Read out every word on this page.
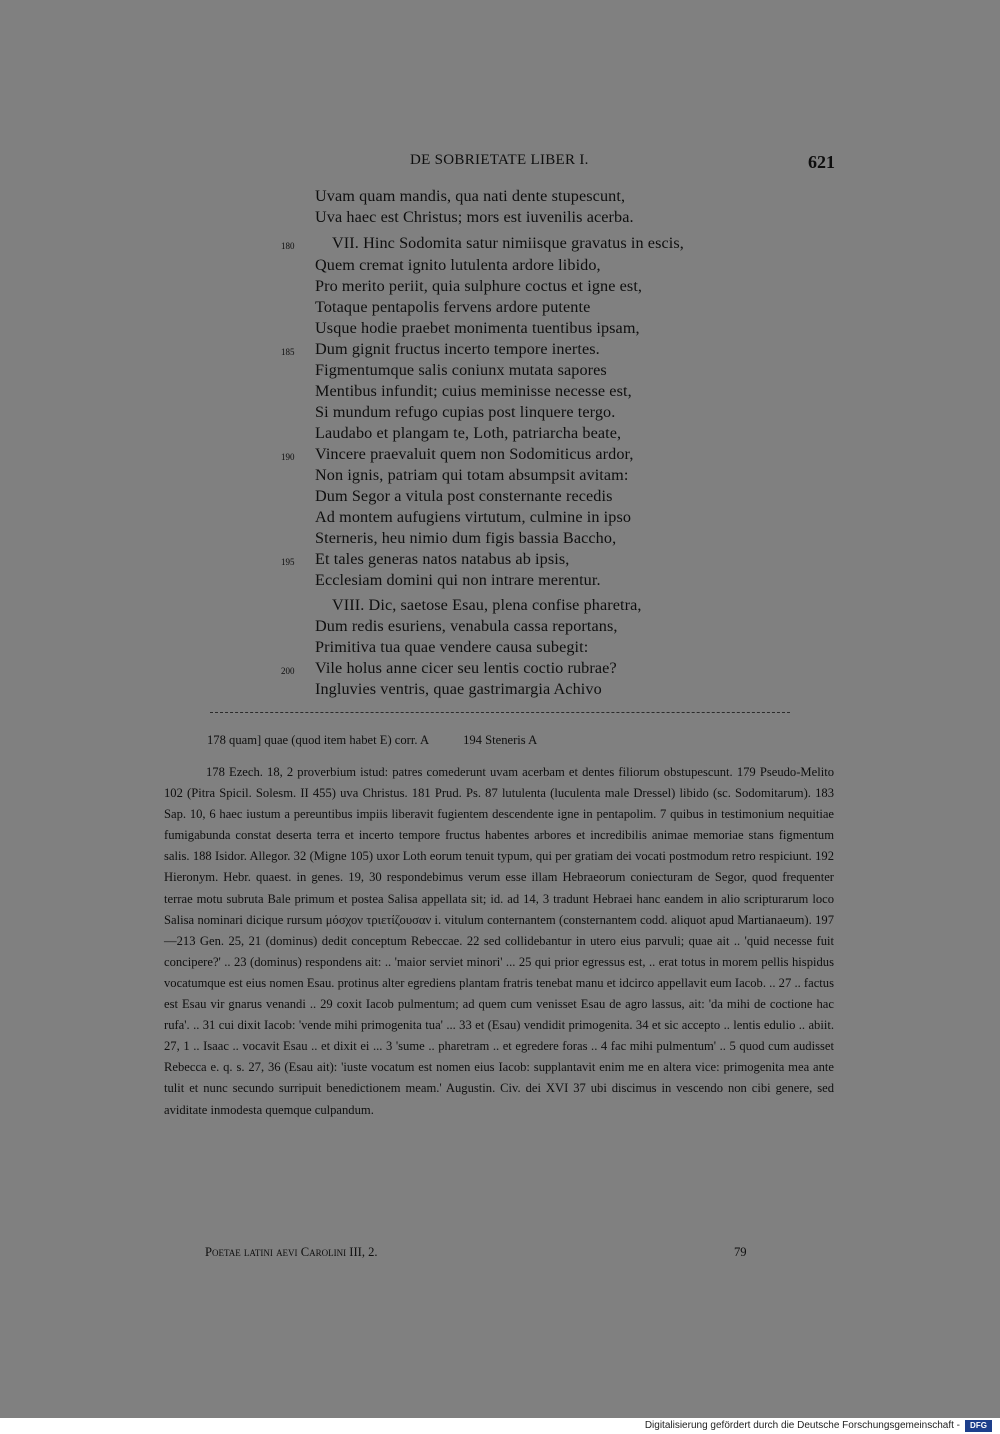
DE SOBRIETATE LIBER I.	621
Uvam quam mandis, qua nati dente stupescunt,
Uva haec est Christus; mors est iuvenilis acerba.
VII. Hinc Sodomita satur nimiisque gravatus in escis,
Quem cremat ignito lutulenta ardore libido,
Pro merito periit, quia sulphure coctus et igne est,
Totaque pentapolis fervens ardore putente
Usque hodie praebet monimenta tuentibus ipsam,
Dum gignit fructus incerto tempore inertes.
Figmentumque salis coniunx mutata sapores
Mentibus infundit; cuius meminisse necesse est,
Si mundum refugo cupias post linquere tergo.
Laudabo et plangam te, Loth, patriarcha beate,
Vincere praevaluit quem non Sodomiticus ardor,
Non ignis, patriam qui totam absumpsit avitam:
Dum Segor a vitula post consternante recedis
Ad montem aufugiens virtutum, culmine in ipso
Sterneris, heu nimio dum figis bassia Baccho,
Et tales generas natos natabus ab ipsis,
Ecclesiam domini qui non intrare merentur.
VIII. Dic, saetose Esau, plena confise pharetra,
Dum redis esuriens, venabula cassa reportans,
Primitiva tua quae vendere causa subegit:
Vile holus anne cicer seu lentis coctio rubrae?
Ingluvies ventris, quae gastrimargia Achivo
180
185
190
195
200
178 quam] quae (quod item habet E) corr. A	194 Steneris A

178 Ezech. 18, 2 proverbium istud: patres comederunt uvam acerbam et dentes filiorum obstupescunt. 179 Pseudo-Melito 102 (Pitra Spicil. Solesm. II 455) uva Christus. 181 Prud. Ps. 87 lutulenta (luculenta male Dressel) libido (sc. Sodomitarum). 183 Sap. 10, 6 haec iustum a pereuntibus impiis liberavit fugientem descendente igne in pentapolim. 7 quibus in testimonium nequitiae fumigabunda constat deserta terra et incerto tempore fructus habentes arbores et incredibilis animae memoriae stans figmentum salis. 188 Isidor. Allegor. 32 (Migne 105) uxor Loth eorum tenuit typum, qui per gratiam dei vocati postmodum retro respiciunt. 192 Hieronym. Hebr. quaest. in genes. 19, 30 respondebimus verum esse illam Hebraeorum coniecturam de Segor, quod frequenter terrae motu subruta Bale primum et postea Salisa appellata sit; id. ad 14, 3 tradunt Hebraei hanc eandem in alio scripturarum loco Salisa nominari dicique rursum μόσχον τριετίζουσαν i. vitulum conternantem (consternantem codd. aliquot apud Martianaeum). 197—213 Gen. 25, 21 (dominus) dedit conceptum Rebeccae. 22 sed collidebantur in utero eius parvuli; quae ait .. 'quid necesse fuit concipere?' .. 23 (dominus) respondens ait: .. 'maior serviet minori' ... 25 qui prior egressus est, .. erat totus in morem pellis hispidus vocatumque est eius nomen Esau. protinus alter egrediens plantam fratris tenebat manu et idcirco appellavit eum Iacob. .. 27 .. factus est Esau vir gnarus venandi .. 29 coxit Iacob pulmentum; ad quem cum venisset Esau de agro lassus, ait: 'da mihi de coctione hac rufa'. .. 31 cui dixit Iacob: 'vende mihi primogenita tua' ... 33 et (Esau) vendidit primogenita. 34 et sic accepto .. lentis edulio .. abiit. 27, 1 .. Isaac .. vocavit Esau .. et dixit ei ... 3 'sume .. pharetram .. et egredere foras .. 4 fac mihi pulmentum' .. 5 quod cum audisset Rebecca e. q. s. 27, 36 (Esau ait): 'iuste vocatum est nomen eius Iacob: supplantavit enim me en altera vice: primogenita mea ante tulit et nunc secundo surripuit benedictionem meam.' Augustin. Civ. dei XVI 37 ubi discimus in vescendo non cibi genere, sed aviditate inmodesta quemque culpandum.

Poetae latini aevi Carolini III, 2.	79
Digitalisierung gefördert durch die Deutsche Forschungsgemeinschaft -	DFG
